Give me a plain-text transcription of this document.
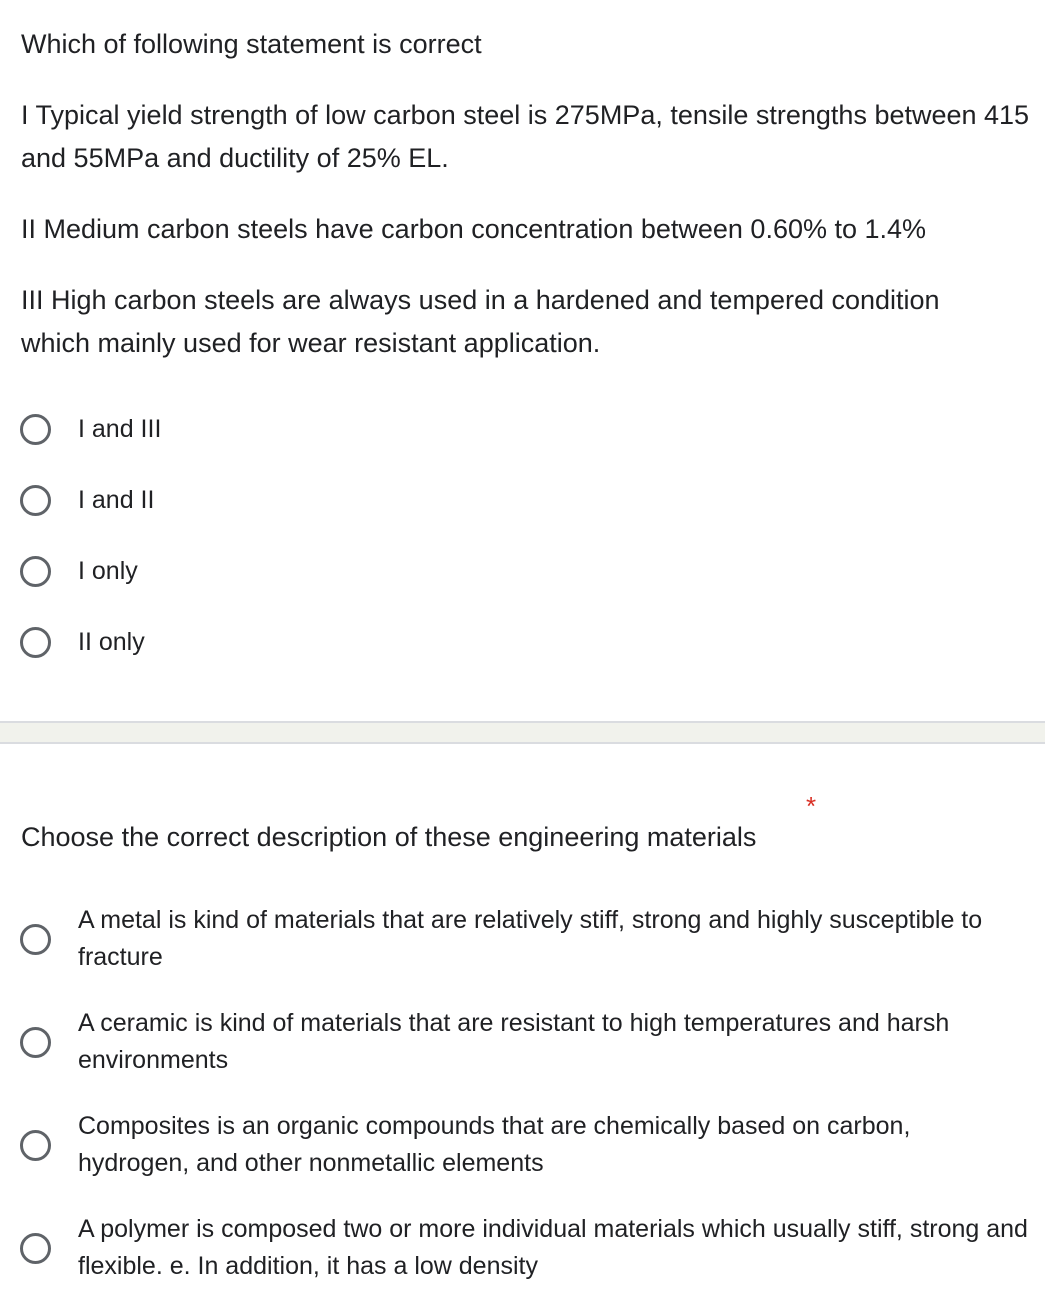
Which of following statement is correct

I Typical yield strength of low carbon steel is 275MPa, tensile strengths between 415 and 55MPa and ductility of 25% EL.

II Medium carbon steels have carbon concentration between 0.60% to 1.4%

III High carbon steels are always used in a hardened and tempered condition which mainly used for wear resistant application.

I and III
I and II
I only
II only
*

Choose the correct description of these engineering materials

A metal is kind of materials that are relatively stiff, strong and highly susceptible to fracture
A ceramic is kind of materials that are resistant to high temperatures and harsh environments
Composites is an organic compounds that are chemically based on carbon, hydrogen, and other nonmetallic elements
A polymer is composed two or more individual materials which usually stiff, strong and flexible. e. In addition, it has a low density
